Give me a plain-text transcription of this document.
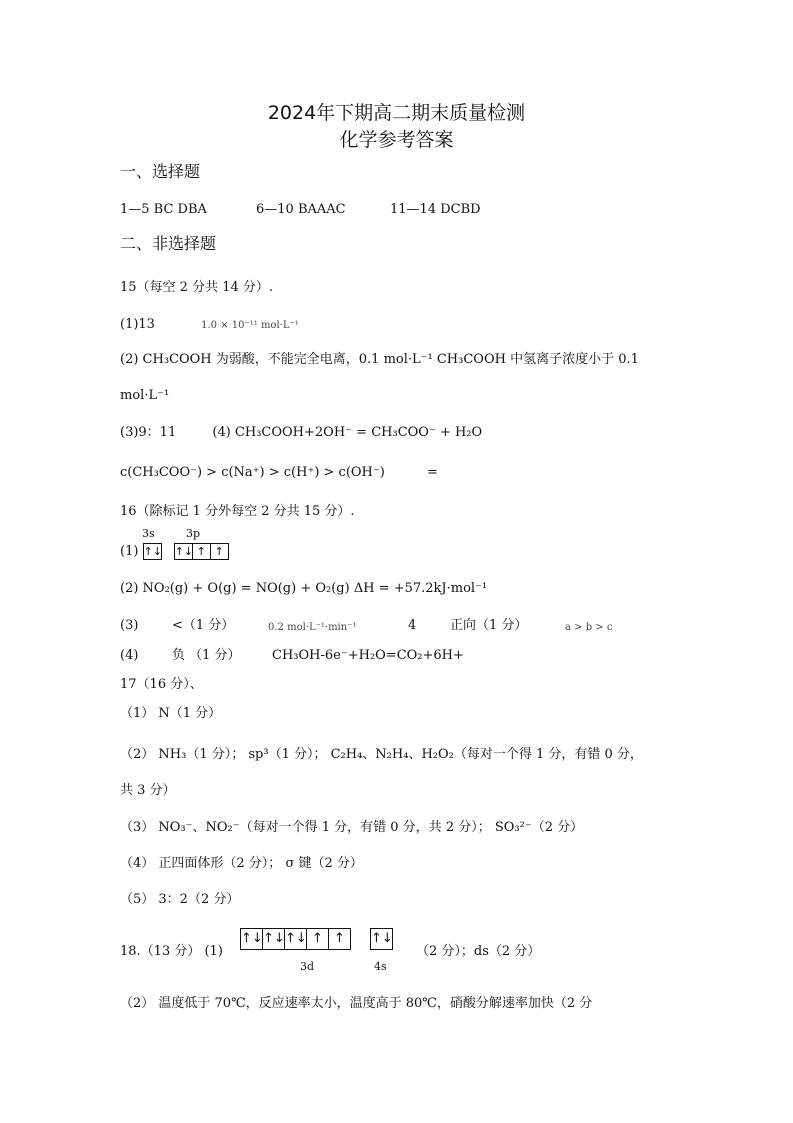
2024年下期高二期末质量检测
化学参考答案
一、选择题
1—5 BC DBA	6—10 BAAAC	11—14 DCBD
二、非选择题
15（每空 2 分共 14 分）.
(1)13	1.0 × 10⁻¹¹ mol·L⁻¹
(2) CH₃COOH 为弱酸，不能完全电离，0.1 mol·L⁻¹ CH₃COOH 中氢离子浓度小于 0.1
mol·L⁻¹
(3)9：11	(4) CH₃COOH+2OH⁻ = CH₃COO⁻ + H₂O
c(CH₃COO⁻) > c(Na⁺) > c(H⁺) > c(OH⁻)	=
16（除标记 1 分外每空 2 分共 15 分）.
3s	3p
(1) ↑↓
↑↓ ↑ ↑
(2) NO₂(g) + O(g) = NO(g) + O₂(g) ΔH = +57.2kJ·mol⁻¹
(3)	<（1 分）	0.2 mol·L⁻¹·min⁻¹	4	正向（1 分）	a > b > c
(4)	负 （1 分） CH₃OH-6e⁻+H₂O=CO₂+6H+
17（16 分）、
（1） N（1 分）
（2） NH₃（1 分）； sp³（1 分）； C₂H₄、N₂H₄、H₂O₂（每对一个得 1 分，有错 0 分，
共 3 分）
（3） NO₃⁻、NO₂⁻（每对一个得 1 分，有错 0 分，共 2 分）； SO₃²⁻（2 分）
（4） 正四面体形（2 分）； σ 键（2 分）
（5） 3：2（2 分）
18.（13 分） (1)
↑↓ ↑↓ ↑↓ ↑ ↑	↑↓
（2 分）；ds（2 分）
3d	4s
（2） 温度低于 70℃，反应速率太小，温度高于 80℃，硝酸分解速率加快（2 分
